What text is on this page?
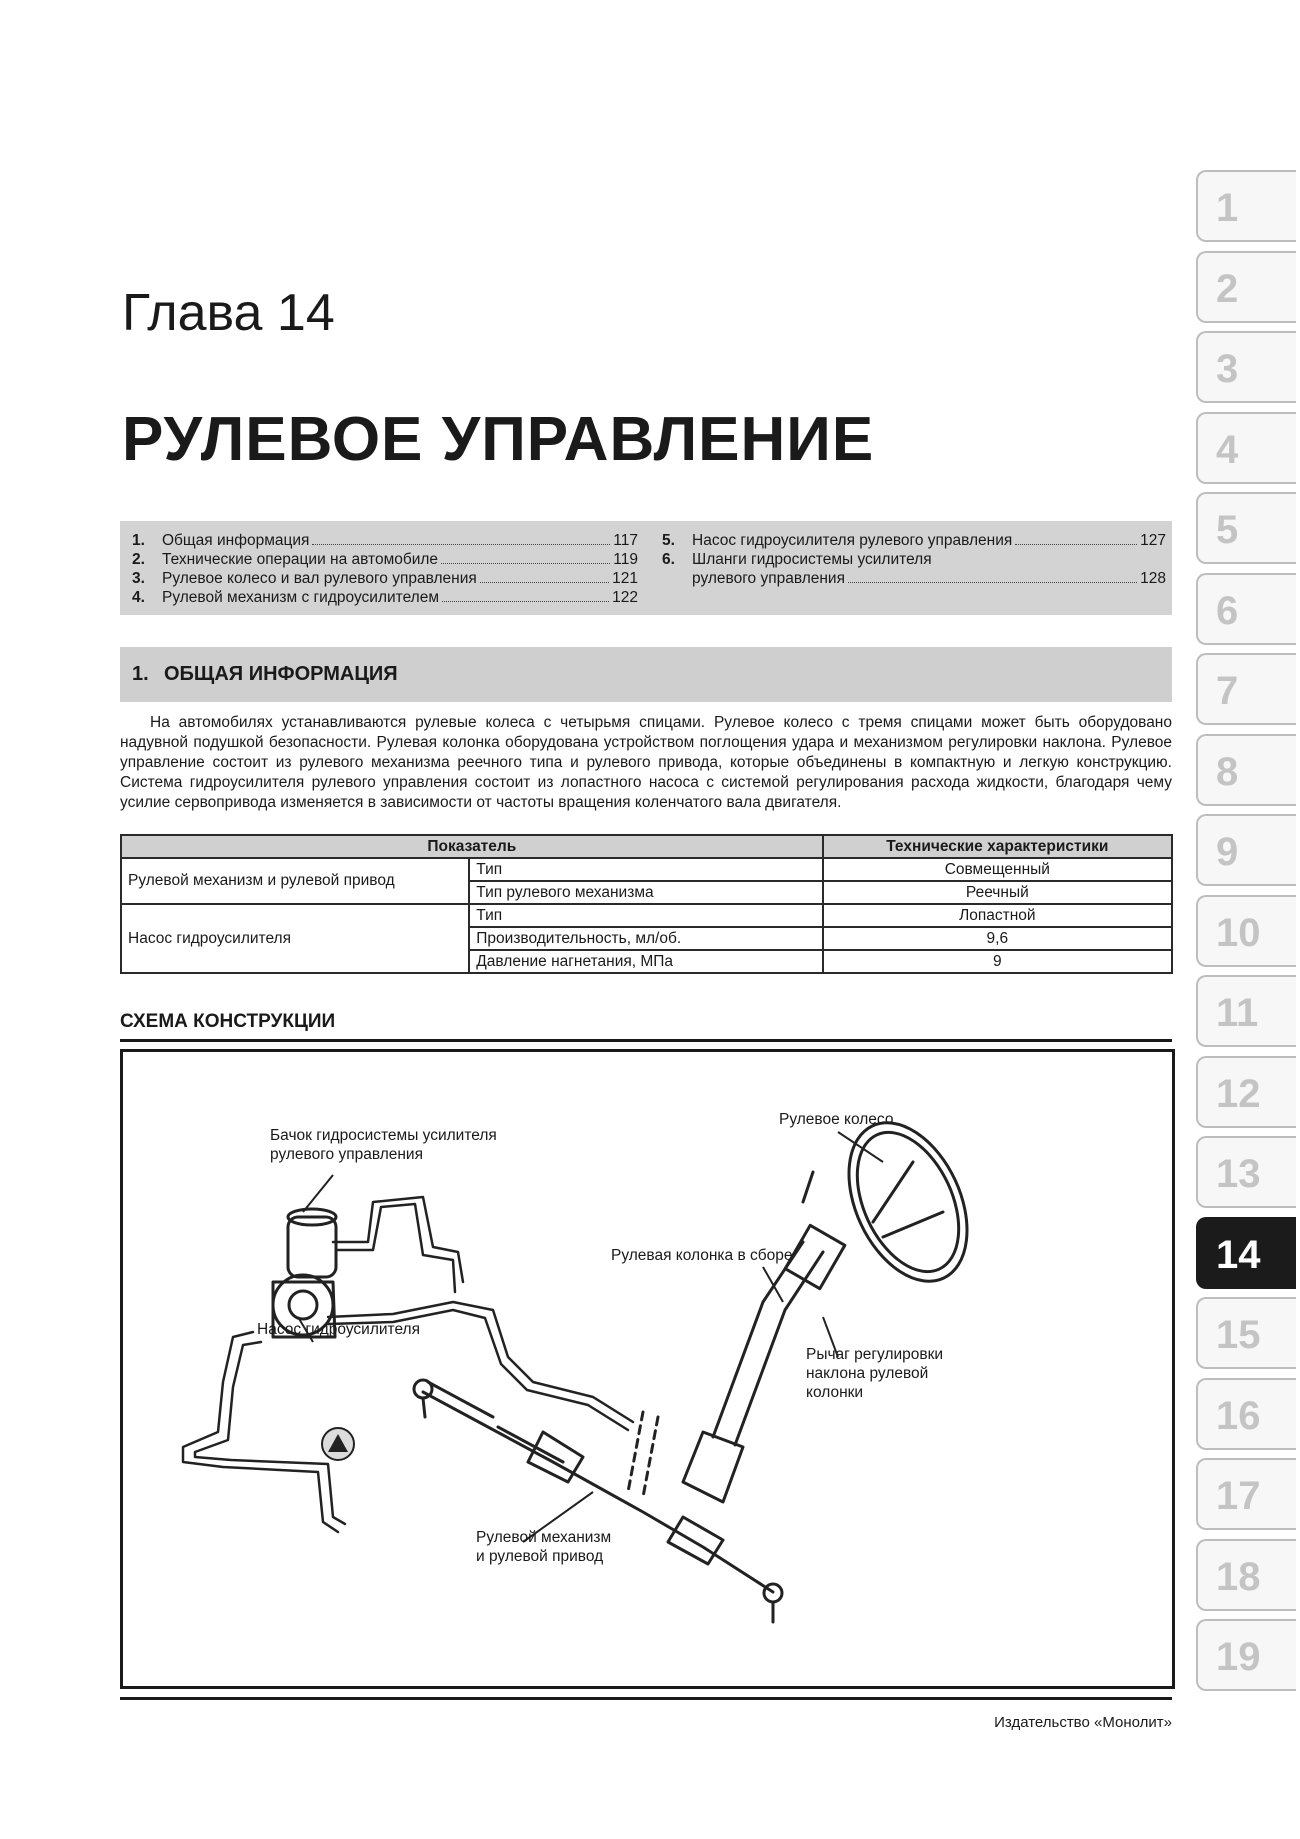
Глава 14
РУЛЕВОЕ УПРАВЛЕНИЕ
1.	Общая информация	117
2.	Технические операции на автомобиле	119
3.	Рулевое колесо и вал рулевого управления	121
4.	Рулевой механизм с гидроусилителем	122
5.	Насос гидроусилителя рулевого управления	127
6.	Шланги гидросистемы усилителя
рулевого управления	128
1. ОБЩАЯ ИНФОРМАЦИЯ

На автомобилях устанавливаются рулевые колеса с четырьмя спицами. Рулевое колесо с тремя спицами может быть оборудовано надувной подушкой безопасности. Рулевая колонка оборудована устройством поглощения удара и механизмом регулировки наклона. Рулевое управление состоит из рулевого механизма реечного типа и рулевого привода, которые объединены в компактную и легкую конструкцию. Система гидроусилителя рулевого управления состоит из лопастного насоса с системой регулирования расхода жидкости, благодаря чему усилие сервопривода изменяется в зависимости от частоты вращения коленчатого вала двигателя.

Показатель		Технические характеристики
Рулевой механизм и рулевой привод	Тип	Совмещенный
	Тип рулевого механизма	Реечный
Насос гидроусилителя	Тип	Лопастной
	Производительность, мл/об.	9,6
	Давление нагнетания, МПа	9
СХЕМА КОНСТРУКЦИИ
Бачок гидросистемы усилителя
рулевого управления
Насос гидроусилителя
Рулевое колесо
Рулевая колонка в сборе
Рычаг регулировки
наклона рулевой
колонки
Рулевой механизм
и рулевой привод
Издательство «Монолит»
1
2
3
4
5
6
7
8
9
10
11
12
13
14
15
16
17
18
19
